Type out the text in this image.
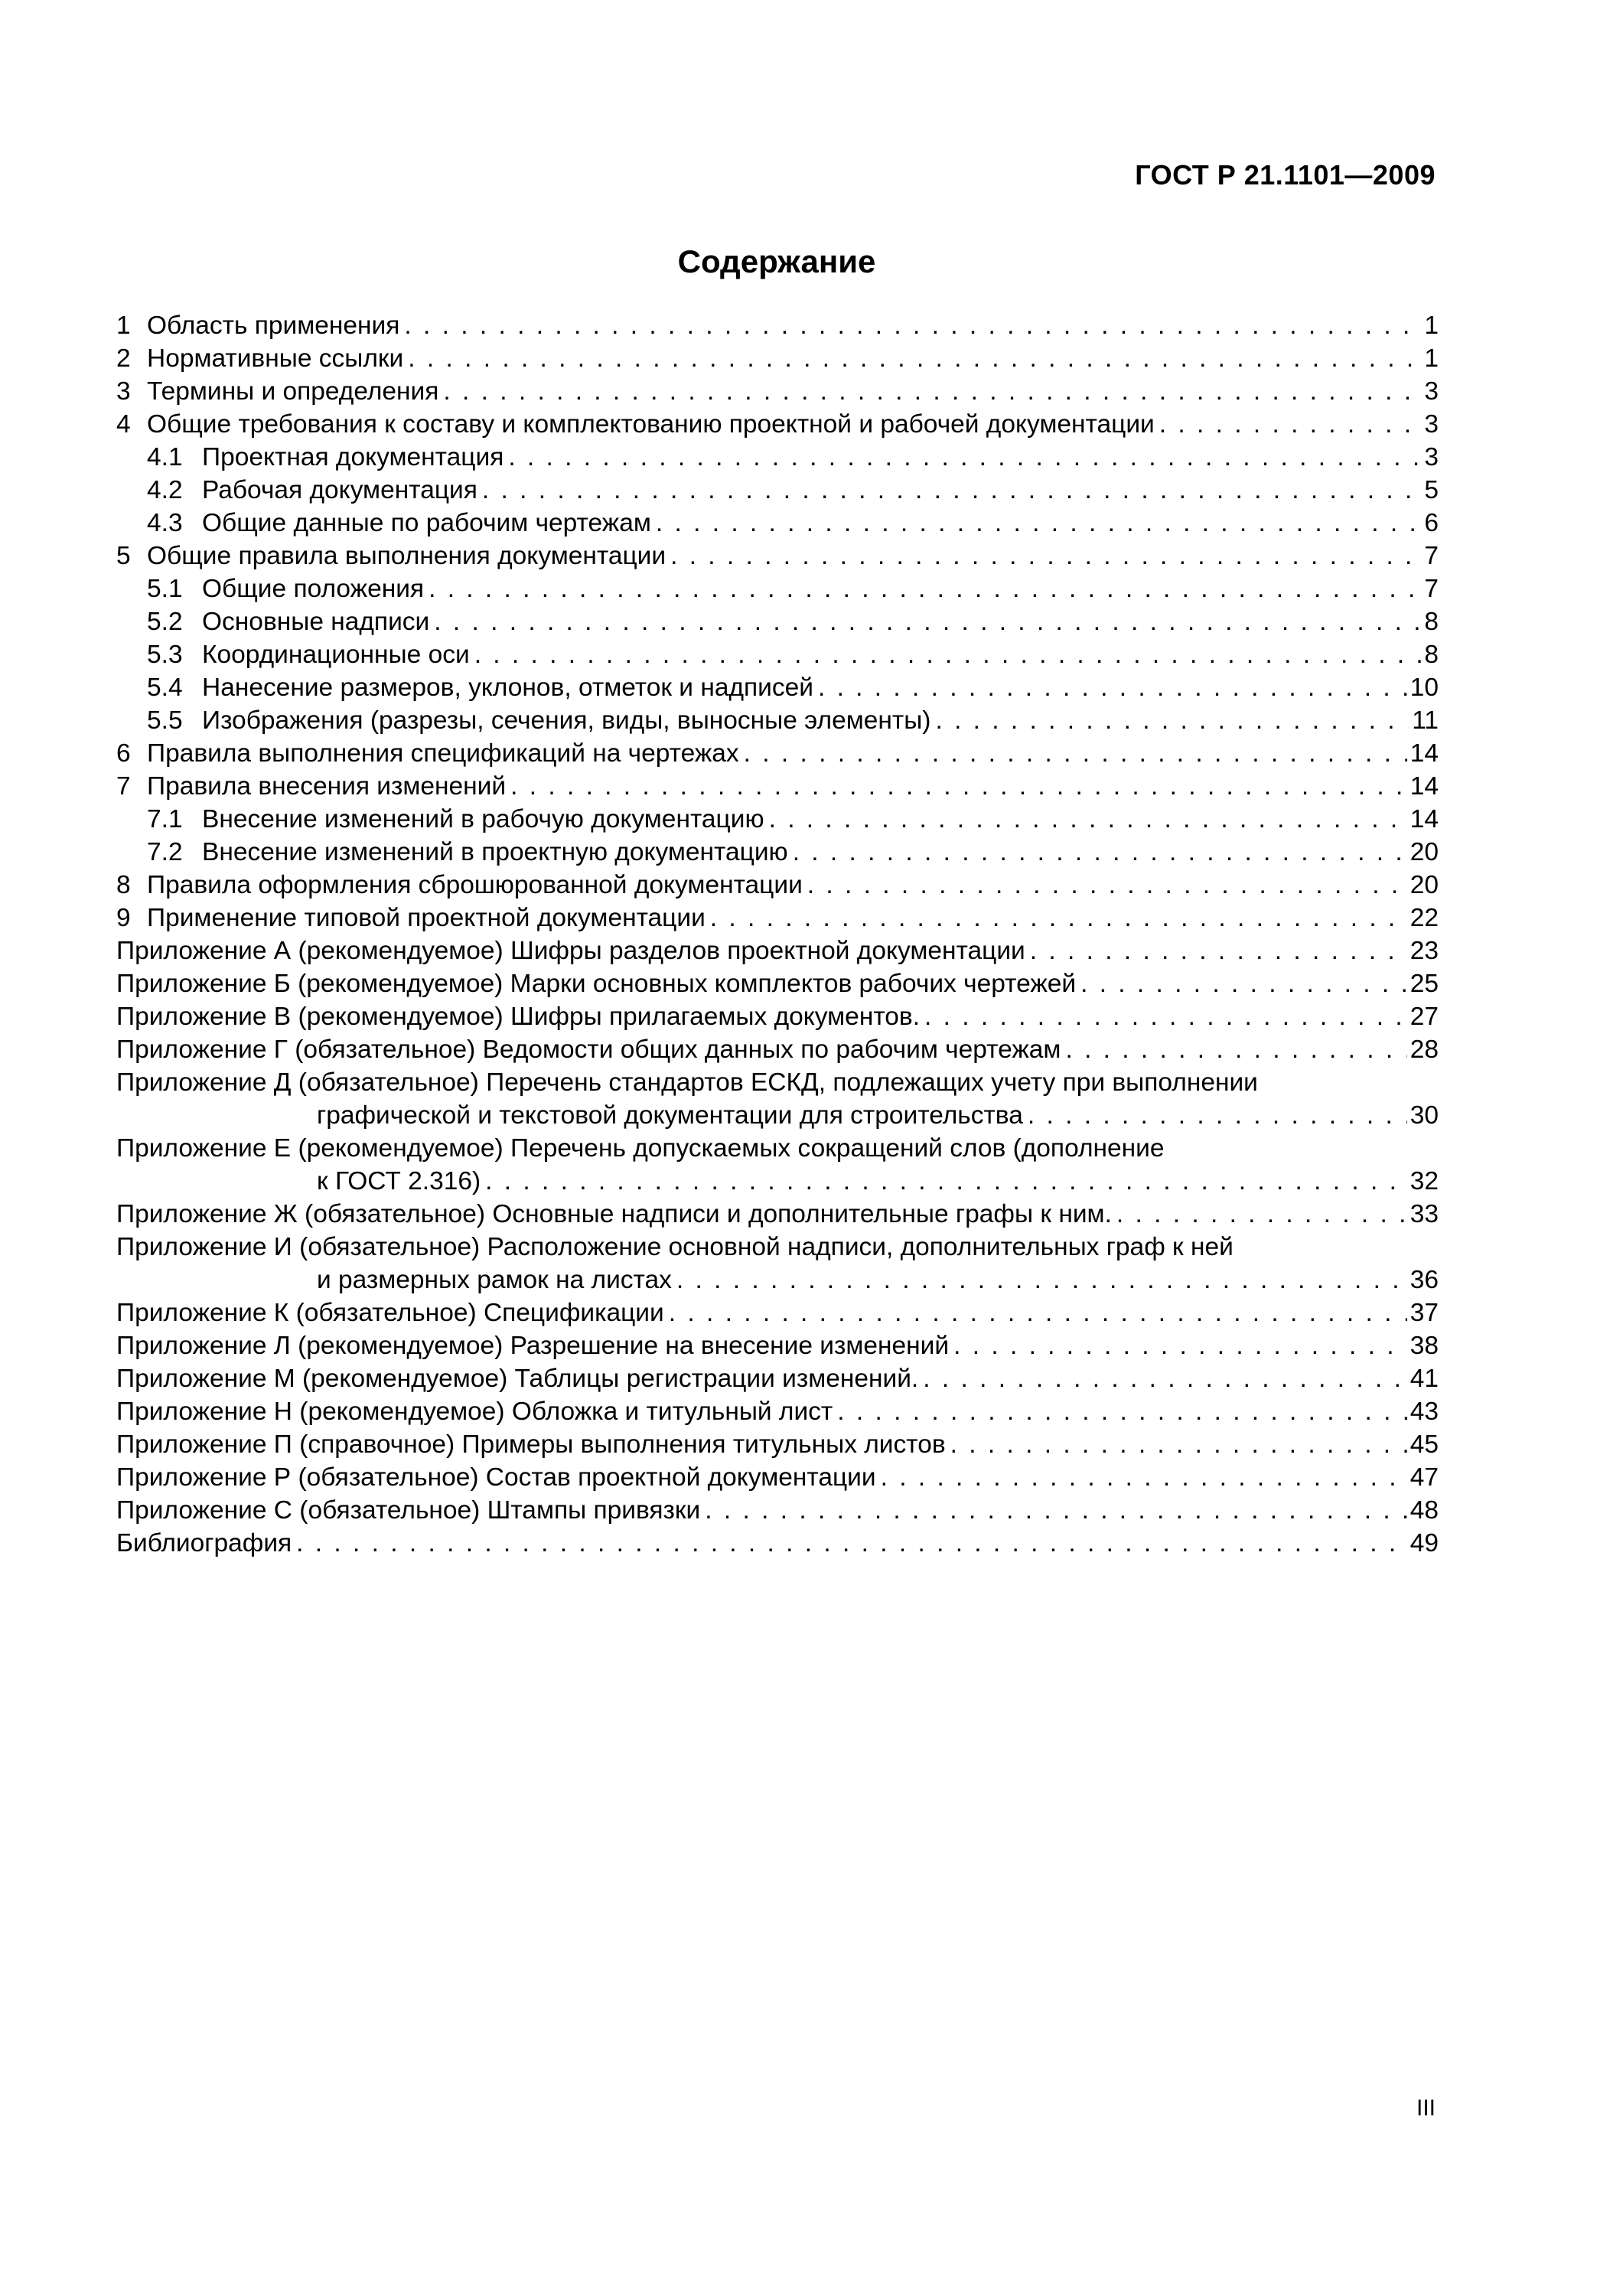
ГОСТ Р 21.1101—2009
Содержание
1 Область применения . . .	1
2 Нормативные ссылки . . .	1
3 Термины и определения . . .	3
4 Общие требования к составу и комплектованию проектной и рабочей документации . . .	3
4.1 Проектная документация . . .	3
4.2 Рабочая документация . . .	5
4.3 Общие данные по рабочим чертежам . . .	6
5 Общие правила выполнения документации . . .	7
5.1 Общие положения . . .	7
5.2 Основные надписи . . .	8
5.3 Координационные оси . . .	8
5.4 Нанесение размеров, уклонов, отметок и надписей . . .	10
5.5 Изображения (разрезы, сечения, виды, выносные элементы) . . .	11
6 Правила выполнения спецификаций на чертежах . . .	14
7 Правила внесения изменений . . .	14
7.1 Внесение изменений в рабочую документацию . . .	14
7.2 Внесение изменений в проектную документацию . . .	20
8 Правила оформления сброшюрованной документации . . .	20
9 Применение типовой проектной документации . . .	22
Приложение А (рекомендуемое) Шифры разделов проектной документации . . .	23
Приложение Б (рекомендуемое) Марки основных комплектов рабочих чертежей . . .	25
Приложение В (рекомендуемое) Шифры прилагаемых документов. . . .	27
Приложение Г (обязательное) Ведомости общих данных по рабочим чертежам . . .	28
Приложение Д (обязательное) Перечень стандартов ЕСКД, подлежащих учету при выполнении
графической и текстовой документации для строительства . . .	30
Приложение Е (рекомендуемое) Перечень допускаемых сокращений слов (дополнение
к ГОСТ 2.316) . . .	32
Приложение Ж (обязательное) Основные надписи и дополнительные графы к ним. . . .	33
Приложение И (обязательное) Расположение основной надписи, дополнительных граф к ней
и размерных рамок на листах . . .	36
Приложение К (обязательное) Спецификации . . .	37
Приложение Л (рекомендуемое) Разрешение на внесение изменений . . .	38
Приложение М (рекомендуемое) Таблицы регистрации изменений. . . .	41
Приложение Н (рекомендуемое) Обложка и титульный лист . . .	43
Приложение П (справочное) Примеры выполнения титульных листов . . .	45
Приложение Р (обязательное) Состав проектной документации . . .	47
Приложение С (обязательное) Штампы привязки . . .	48
Библиография . . .	49
III
